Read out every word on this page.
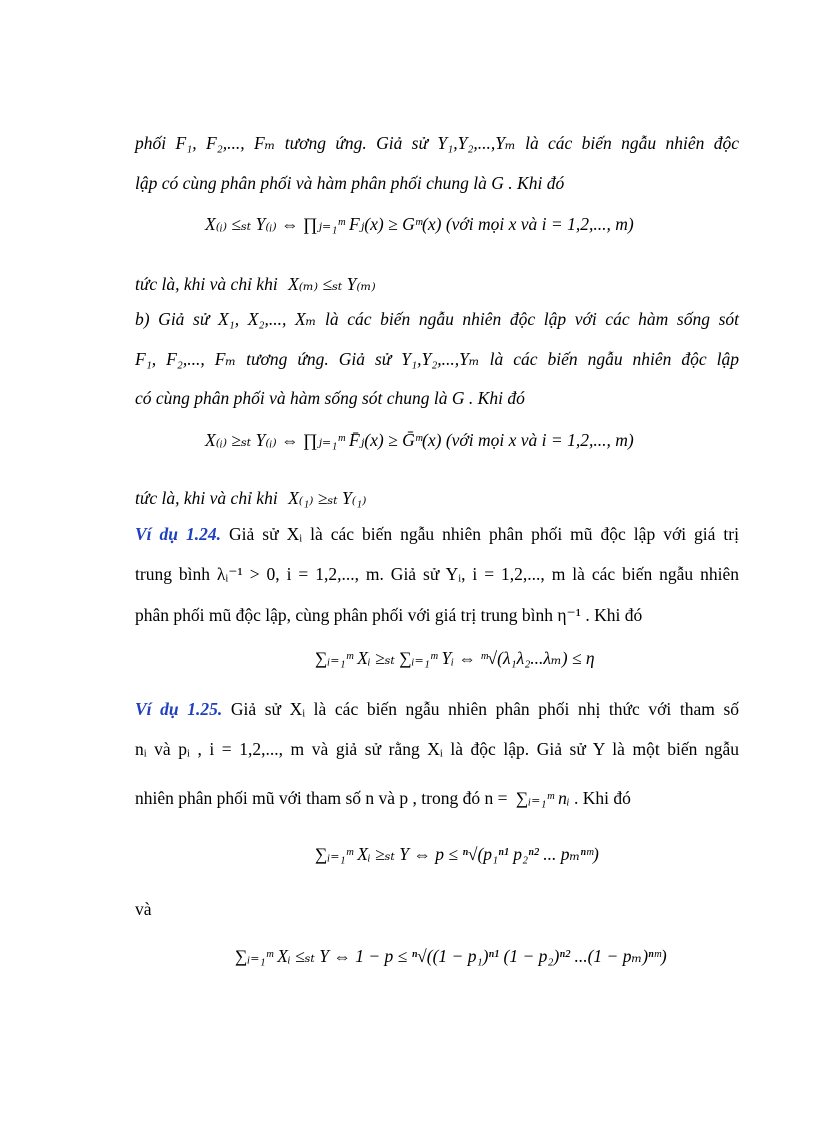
phối F₁, F₂,..., Fₘ tương ứng. Giả sử Y₁,Y₂,...,Yₘ là các biến ngẫu nhiên độc
lập có cùng phân phối và hàm phân phối chung là G . Khi đó
X₍ᵢ₎ ≤ₛₜ Y₍ᵢ₎ ⇔ ∏ⱼ₌₁ᵐ Fⱼ(x) ≥ Gᵐ(x) (với mọi x và i = 1,2,..., m)
tức là, khi và chỉ khi X₍ₘ₎ ≤ₛₜ Y₍ₘ₎
b) Giả sử X₁, X₂,..., Xₘ là các biến ngẫu nhiên độc lập với các hàm sống sót
F₁, F₂,..., Fₘ tương ứng. Giả sử Y₁,Y₂,...,Yₘ là các biến ngẫu nhiên độc lập
có cùng phân phối và hàm sống sót chung là G . Khi đó
X₍ᵢ₎ ≥ₛₜ Y₍ᵢ₎ ⇔ ∏ⱼ₌₁ᵐ F̄ⱼ(x) ≥ Ḡᵐ(x) (với mọi x và i = 1,2,..., m)
tức là, khi và chỉ khi X₍₁₎ ≥ₛₜ Y₍₁₎
Ví dụ 1.24. Giả sử Xᵢ là các biến ngẫu nhiên phân phối mũ độc lập với giá trị
trung bình λᵢ⁻¹ > 0, i = 1,2,..., m. Giả sử Yᵢ, i = 1,2,..., m là các biến ngẫu nhiên
phân phối mũ độc lập, cùng phân phối với giá trị trung bình η⁻¹ . Khi đó
∑ᵢ₌₁ᵐ Xᵢ ≥ₛₜ ∑ᵢ₌₁ᵐ Yᵢ ⇔ ᵐ√(λ₁λ₂...λₘ) ≤ η
Ví dụ 1.25. Giả sử Xᵢ là các biến ngẫu nhiên phân phối nhị thức với tham số
nᵢ và pᵢ , i = 1,2,..., m và giả sử rằng Xᵢ là độc lập. Giả sử Y là một biến ngẫu
nhiên phân phối mũ với tham số n và p , trong đó n = ∑ᵢ₌₁ᵐ nᵢ . Khi đó
∑ᵢ₌₁ᵐ Xᵢ ≥ₛₜ Y ⇔ p ≤ ⁿ√(p₁ⁿ¹ p₂ⁿ² ... pₘⁿᵐ)
và
∑ᵢ₌₁ᵐ Xᵢ ≤ₛₜ Y ⇔ 1 − p ≤ ⁿ√((1 − p₁)ⁿ¹ (1 − p₂)ⁿ² ...(1 − pₘ)ⁿᵐ)
